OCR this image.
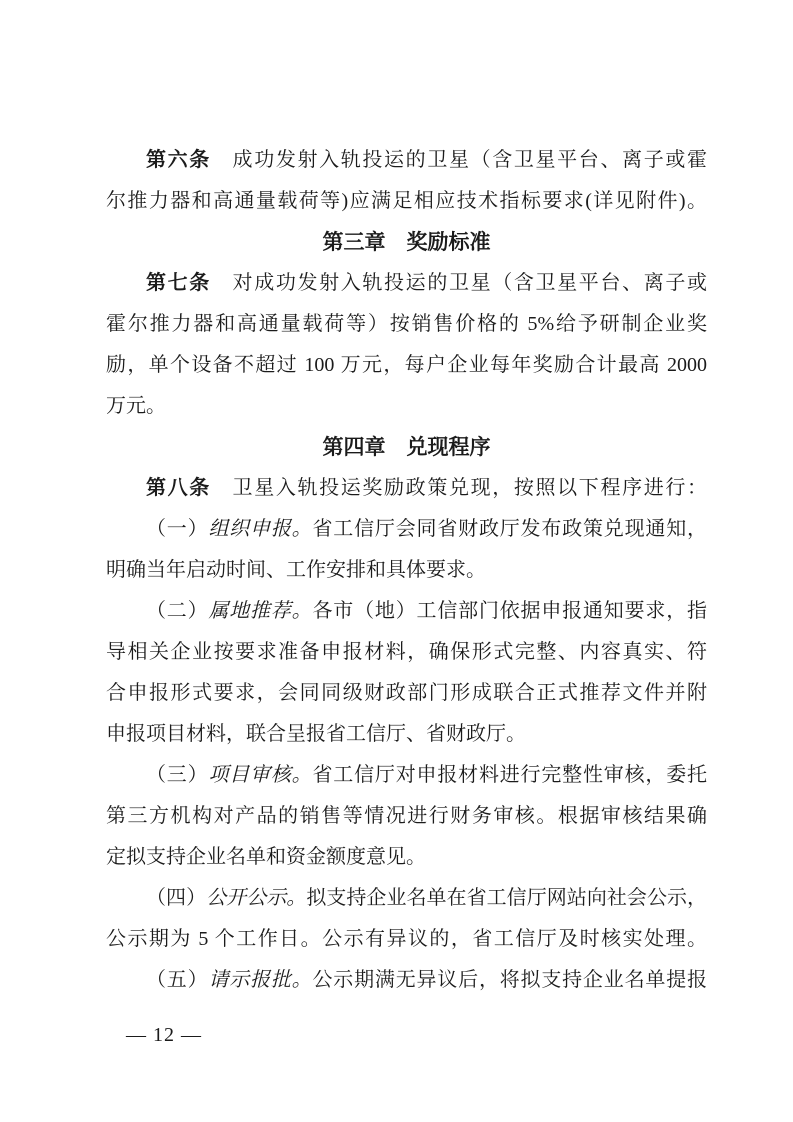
第六条　成功发射入轨投运的卫星（含卫星平台、离子或霍
尔推力器和高通量载荷等)应满足相应技术指标要求(详见附件)。
第三章　奖励标准
第七条　对成功发射入轨投运的卫星（含卫星平台、离子或
霍尔推力器和高通量载荷等）按销售价格的 5%给予研制企业奖
励，单个设备不超过 100 万元，每户企业每年奖励合计最高 2000
万元。
第四章　兑现程序
第八条　卫星入轨投运奖励政策兑现，按照以下程序进行：
（一）组织申报。省工信厅会同省财政厅发布政策兑现通知，
明确当年启动时间、工作安排和具体要求。
（二）属地推荐。各市（地）工信部门依据申报通知要求，指
导相关企业按要求准备申报材料，确保形式完整、内容真实、符
合申报形式要求，会同同级财政部门形成联合正式推荐文件并附
申报项目材料，联合呈报省工信厅、省财政厅。
（三）项目审核。省工信厅对申报材料进行完整性审核，委托
第三方机构对产品的销售等情况进行财务审核。根据审核结果确
定拟支持企业名单和资金额度意见。
（四）公开公示。拟支持企业名单在省工信厅网站向社会公示，
公示期为 5 个工作日。公示有异议的，省工信厅及时核实处理。
（五）请示报批。公示期满无异议后，将拟支持企业名单提报
— 12 —
